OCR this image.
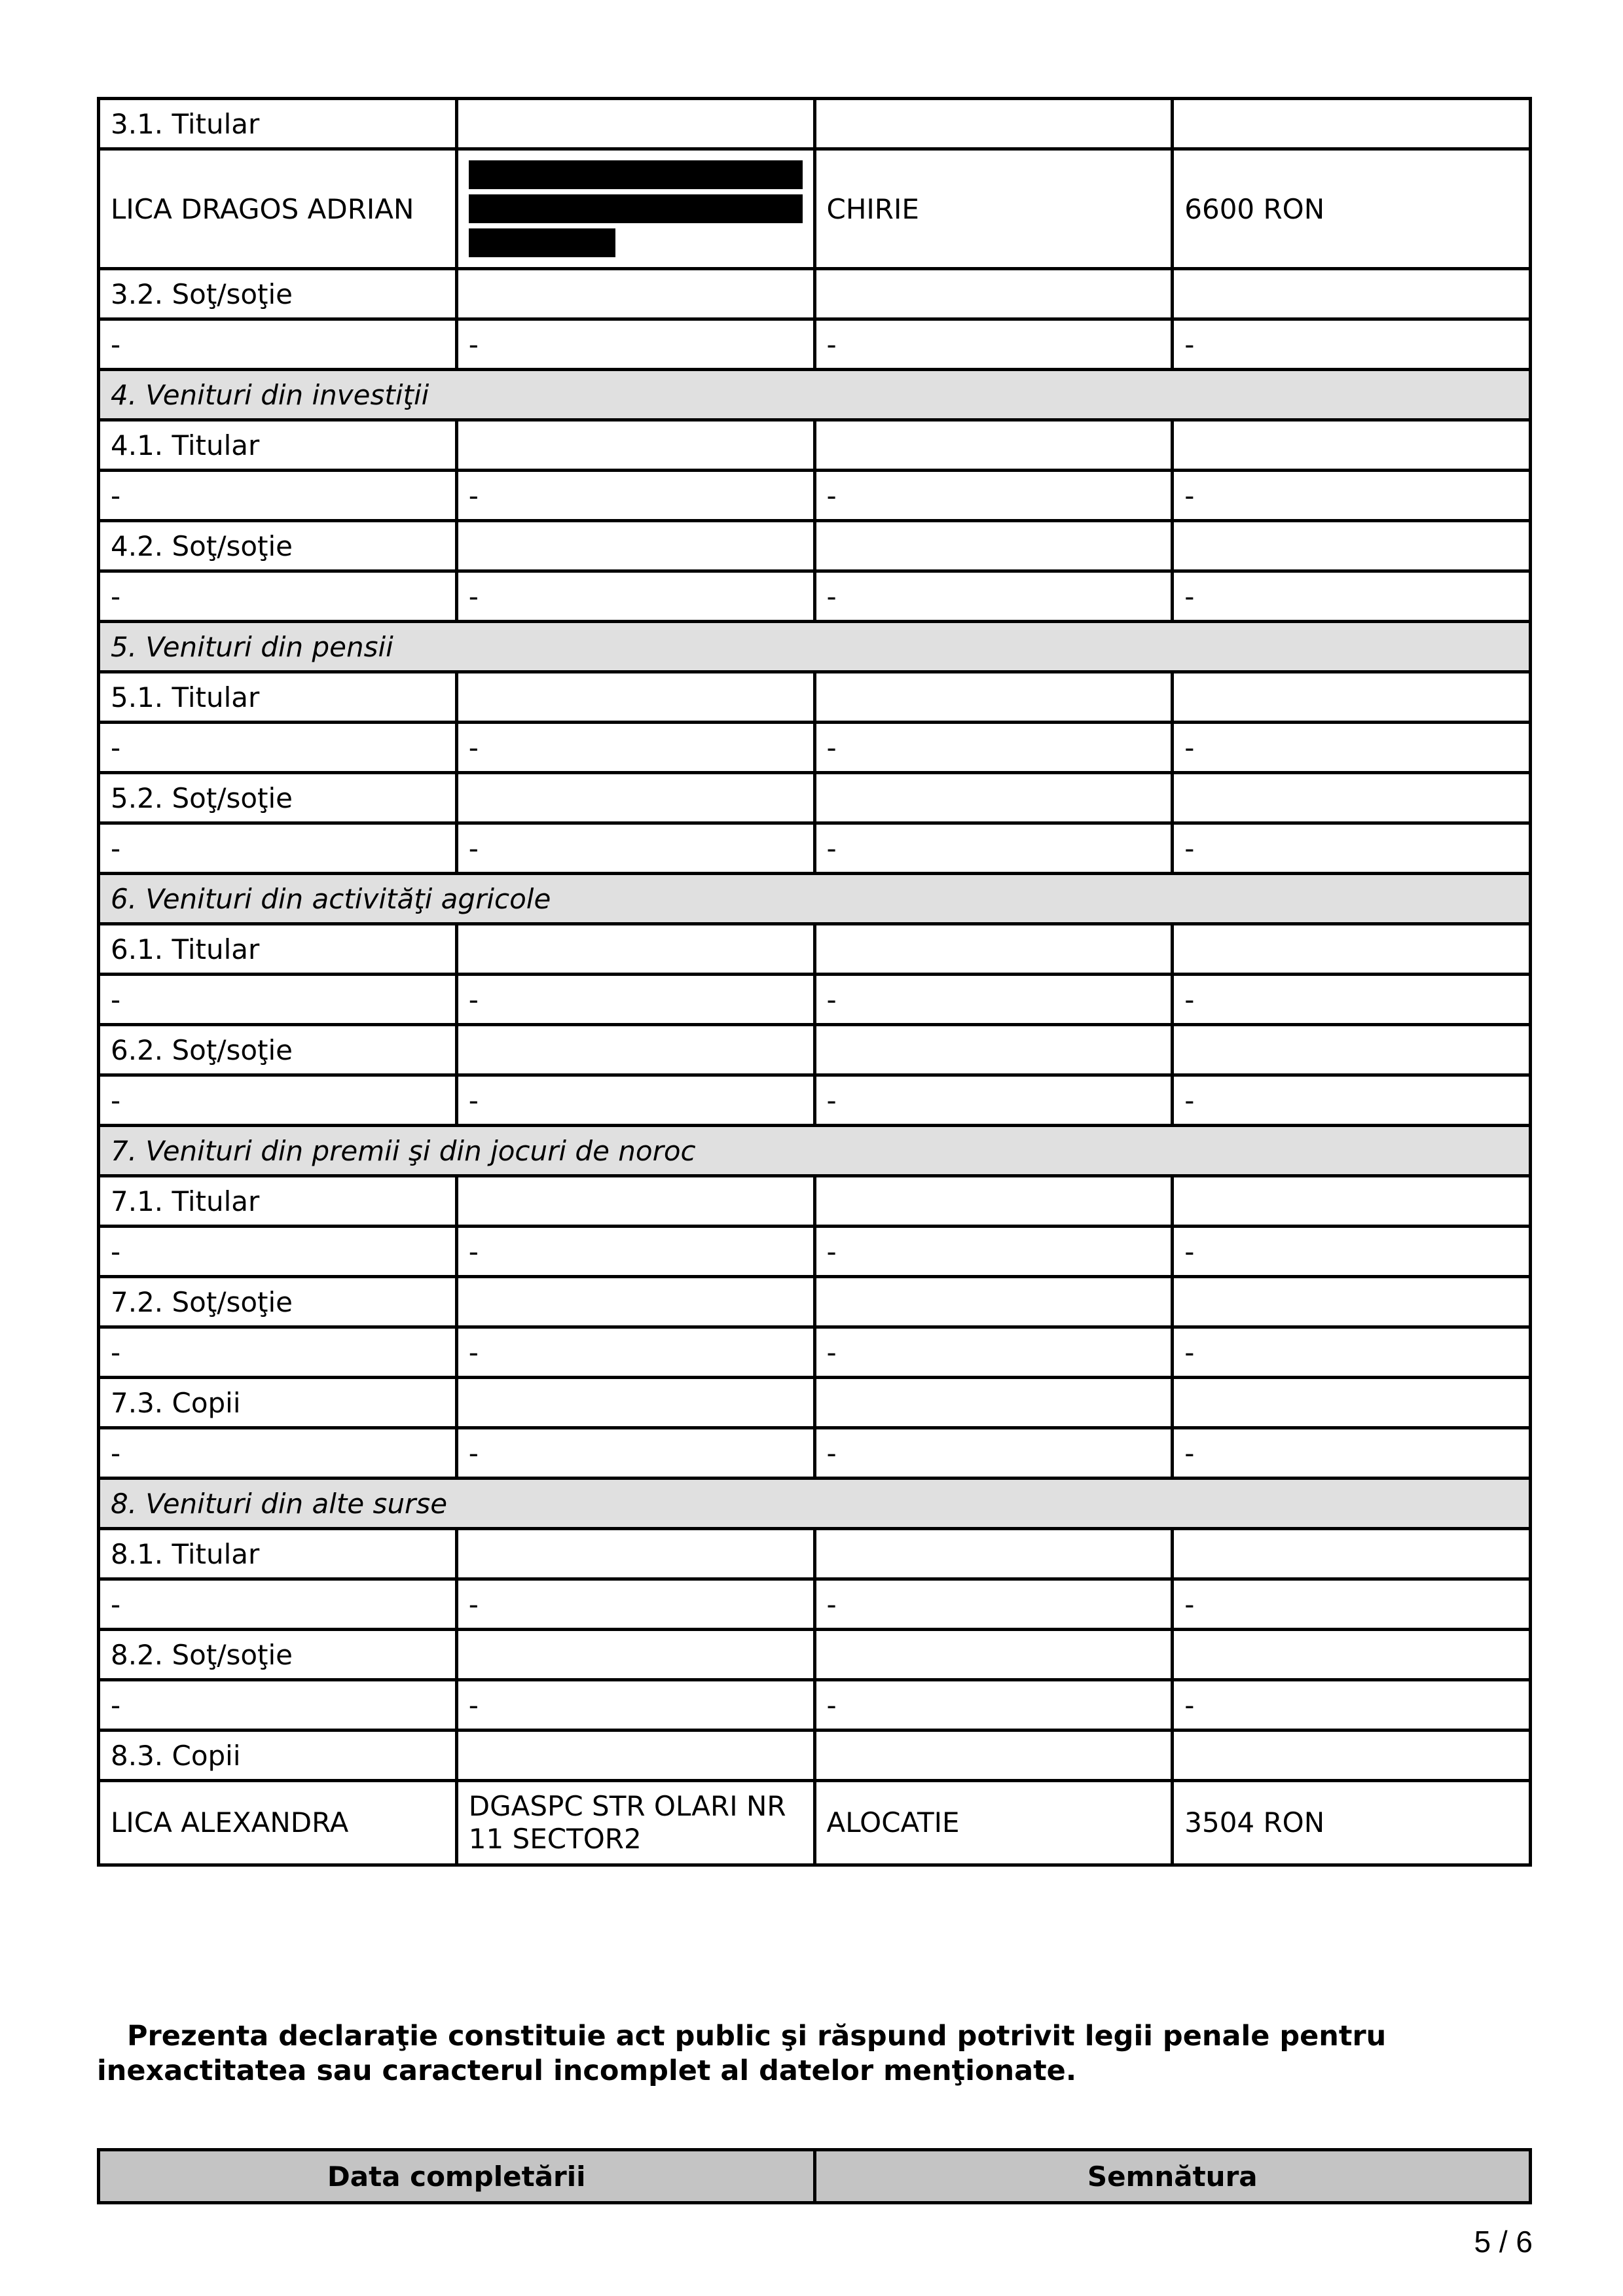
3.1. Titular			
LICA DRAGOS ADRIAN		CHIRIE	6600 RON
3.2. Soţ/soţie			
-	-	-	-
4. Venituri din investiţii			
4.1. Titular			
-	-	-	-
4.2. Soţ/soţie			
-	-	-	-
5. Venituri din pensii			
5.1. Titular			
-	-	-	-
5.2. Soţ/soţie			
-	-	-	-
6. Venituri din activităţi agricole			
6.1. Titular			
-	-	-	-
6.2. Soţ/soţie			
-	-	-	-
7. Venituri din premii şi din jocuri de noroc			
7.1. Titular			
-	-	-	-
7.2. Soţ/soţie			
-	-	-	-
7.3. Copii			
-	-	-	-
8. Venituri din alte surse			
8.1. Titular			
-	-	-	-
8.2. Soţ/soţie			
-	-	-	-
8.3. Copii			
LICA ALEXANDRA	DGASPC STR OLARI NR 11 SECTOR2	ALOCATIE	3504 RON

Prezenta declaraţie constituie act public şi răspund potrivit legii penale pentru inexactitatea sau caracterul incomplet al datelor menţionate.

Data completării	Semnătura
5 / 6
